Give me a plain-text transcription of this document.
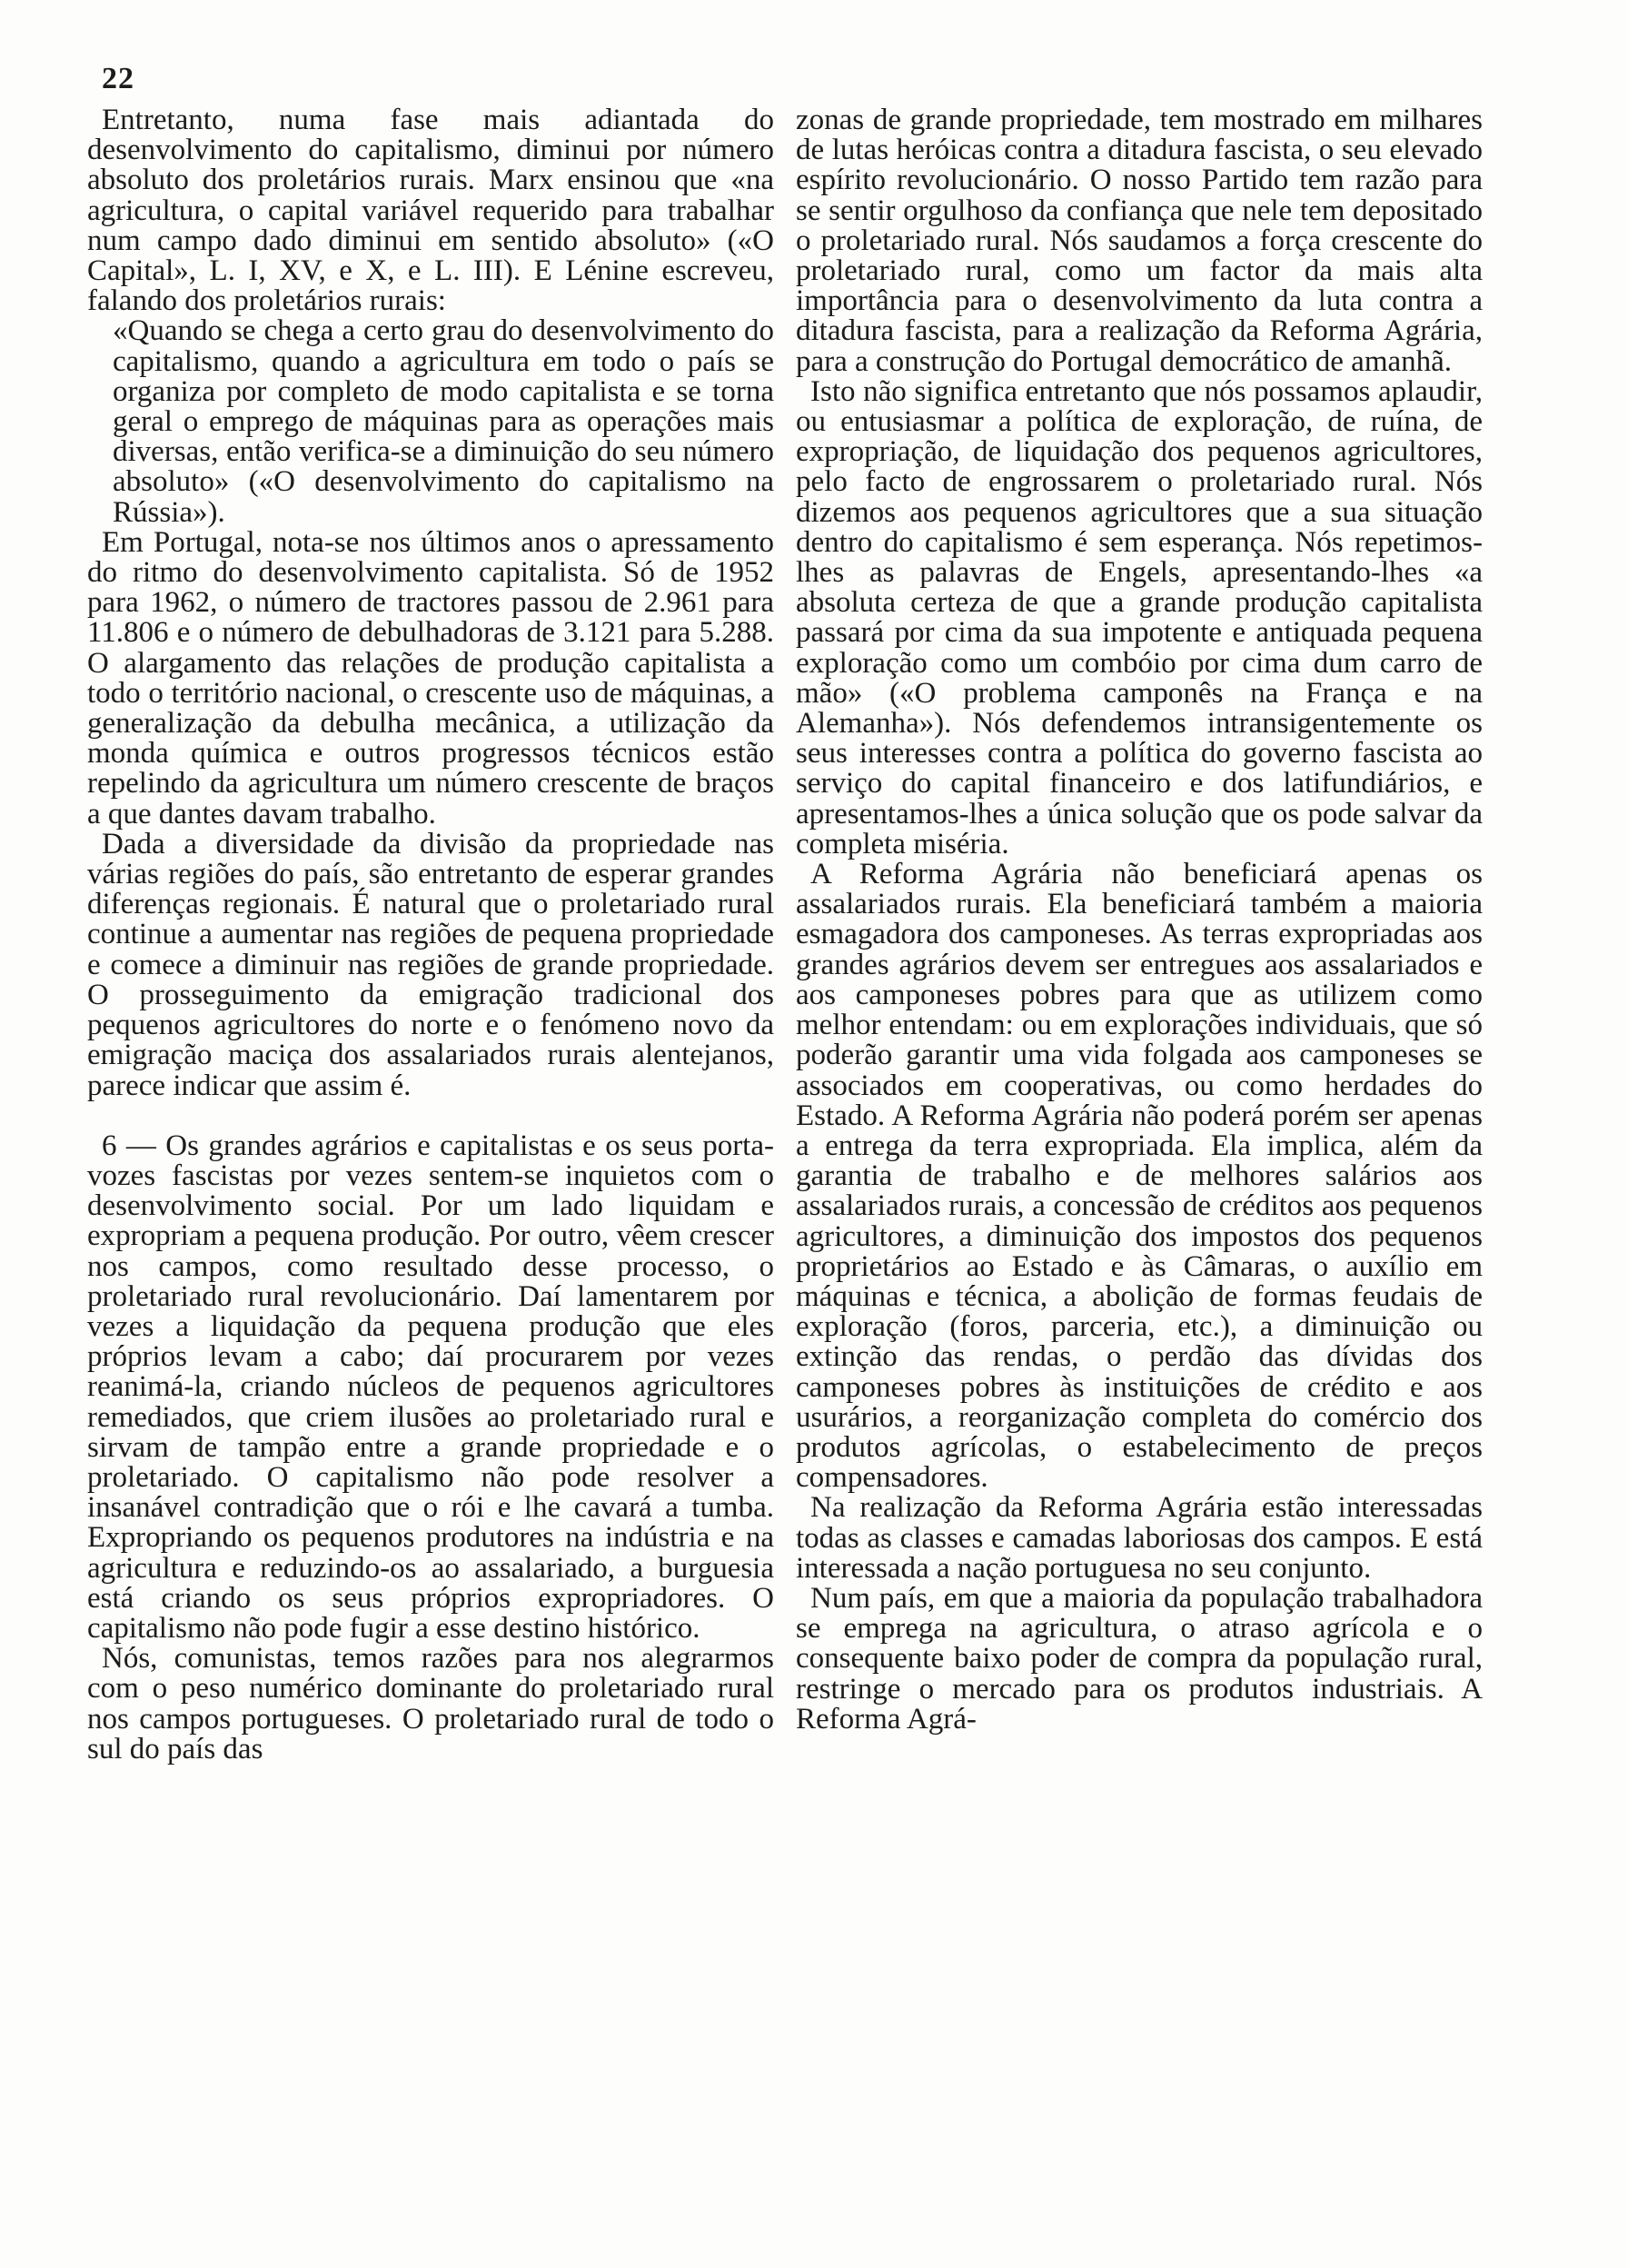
22

Entretanto, numa fase mais adiantada do desenvolvimento do capitalismo, diminui por número absoluto dos proletários rurais. Marx ensinou que «na agricultura, o capital variável requerido para trabalhar num campo dado diminui em sentido absoluto» («O Capital», L. I, XV, e X, e L. III). E Lénine escreveu, falando dos proletários rurais:

«Quando se chega a certo grau do desenvolvimento do capitalismo, quando a agricultura em todo o país se organiza por completo de modo capitalista e se torna geral o emprego de máquinas para as operações mais diversas, então verifica-se a diminuição do seu número absoluto» («O desenvolvimento do capitalismo na Rússia»).

Em Portugal, nota-se nos últimos anos o apressamento do ritmo do desenvolvimento capitalista. Só de 1952 para 1962, o número de tractores passou de 2.961 para 11.806 e o número de debulhadoras de 3.121 para 5.288. O alargamento das relações de produção capitalista a todo o território nacional, o crescente uso de máquinas, a generalização da debulha mecânica, a utilização da monda química e outros progressos técnicos estão repelindo da agricultura um número crescente de braços a que dantes davam trabalho.

Dada a diversidade da divisão da propriedade nas várias regiões do país, são entretanto de esperar grandes diferenças regionais. É natural que o proletariado rural continue a aumentar nas regiões de pequena propriedade e comece a diminuir nas regiões de grande propriedade. O prosseguimento da emigração tradicional dos pequenos agricultores do norte e o fenómeno novo da emigração maciça dos assalariados rurais alentejanos, parece indicar que assim é.

6 — Os grandes agrários e capitalistas e os seus porta-vozes fascistas por vezes sentem-se inquietos com o desenvolvimento social. Por um lado liquidam e expropriam a pequena produção. Por outro, vêem crescer nos campos, como resultado desse processo, o proletariado rural revolucionário. Daí lamentarem por vezes a liquidação da pequena produção que eles próprios levam a cabo; daí procurarem por vezes reanimá-la, criando núcleos de pequenos agricultores remediados, que criem ilusões ao proletariado rural e sirvam de tampão entre a grande propriedade e o proletariado. O capitalismo não pode resolver a insanável contradição que o rói e lhe cavará a tumba. Expropriando os pequenos produtores na indústria e na agricultura e reduzindo-os ao assalariado, a burguesia está criando os seus próprios expropriadores. O capitalismo não pode fugir a esse destino histórico.

Nós, comunistas, temos razões para nos alegrarmos com o peso numérico dominante do proletariado rural nos campos portugueses. O proletariado rural de todo o sul do país das

zonas de grande propriedade, tem mostrado em milhares de lutas heróicas contra a ditadura fascista, o seu elevado espírito revolucionário. O nosso Partido tem razão para se sentir orgulhoso da confiança que nele tem depositado o proletariado rural. Nós saudamos a força crescente do proletariado rural, como um factor da mais alta importância para o desenvolvimento da luta contra a ditadura fascista, para a realização da Reforma Agrária, para a construção do Portugal democrático de amanhã.

Isto não significa entretanto que nós possamos aplaudir, ou entusiasmar a política de exploração, de ruína, de expropriação, de liquidação dos pequenos agricultores, pelo facto de engrossarem o proletariado rural. Nós dizemos aos pequenos agricultores que a sua situação dentro do capitalismo é sem esperança. Nós repetimos-lhes as palavras de Engels, apresentando-lhes «a absoluta certeza de que a grande produção capitalista passará por cima da sua impotente e antiquada pequena exploração como um combóio por cima dum carro de mão» («O problema camponês na França e na Alemanha»). Nós defendemos intransigentemente os seus interesses contra a política do governo fascista ao serviço do capital financeiro e dos latifundiários, e apresentamos-lhes a única solução que os pode salvar da completa miséria.

A Reforma Agrária não beneficiará apenas os assalariados rurais. Ela beneficiará também a maioria esmagadora dos camponeses. As terras expropriadas aos grandes agrários devem ser entregues aos assalariados e aos camponeses pobres para que as utilizem como melhor entendam: ou em explorações individuais, que só poderão garantir uma vida folgada aos camponeses se associados em cooperativas, ou como herdades do Estado. A Reforma Agrária não poderá porém ser apenas a entrega da terra expropriada. Ela implica, além da garantia de trabalho e de melhores salários aos assalariados rurais, a concessão de créditos aos pequenos agricultores, a diminuição dos impostos dos pequenos proprietários ao Estado e às Câmaras, o auxílio em máquinas e técnica, a abolição de formas feudais de exploração (foros, parceria, etc.), a diminuição ou extinção das rendas, o perdão das dívidas dos camponeses pobres às instituições de crédito e aos usurários, a reorganização completa do comércio dos produtos agrícolas, o estabelecimento de preços compensadores.

Na realização da Reforma Agrária estão interessadas todas as classes e camadas laboriosas dos campos. E está interessada a nação portuguesa no seu conjunto.

Num país, em que a maioria da população trabalhadora se emprega na agricultura, o atraso agrícola e o consequente baixo poder de compra da população rural, restringe o mercado para os produtos industriais. A Reforma Agrá-
